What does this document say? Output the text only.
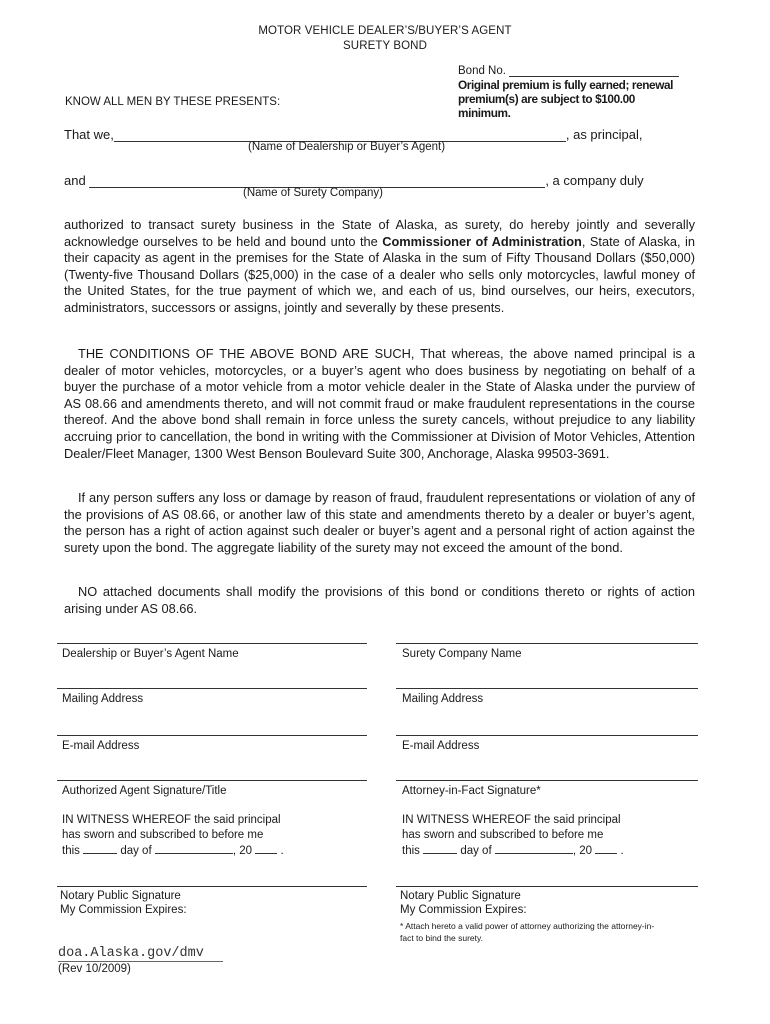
MOTOR VEHICLE DEALER’S/BUYER’S AGENT
SURETY BOND
Bond No.
Original premium is fully earned; renewal
premium(s) are subject to $100.00 minimum.
KNOW ALL MEN BY THESE PRESENTS:
That we,	, as principal,
(Name of Dealership or Buyer’s Agent)
and	, a company duly
(Name of Surety Company)
authorized to transact surety business in the State of Alaska, as surety, do hereby jointly and severally acknowledge ourselves to be held and bound unto the Commissioner of Administration, State of Alaska, in their capacity as agent in the premises for the State of Alaska in the sum of Fifty Thousand Dollars ($50,000) (Twenty-five Thousand Dollars ($25,000) in the case of a dealer who sells only motorcycles, lawful money of the United States, for the true payment of which we, and each of us, bind ourselves, our heirs, executors, administrators, successors or assigns, jointly and severally by these presents.
THE CONDITIONS OF THE ABOVE BOND ARE SUCH, That whereas, the above named principal is a dealer of motor vehicles, motorcycles, or a buyer’s agent who does business by negotiating on behalf of a buyer the purchase of a motor vehicle from a motor vehicle dealer in the State of Alaska under the purview of AS 08.66 and amendments thereto, and will not commit fraud or make fraudulent representations in the course thereof. And the above bond shall remain in force unless the surety cancels, without prejudice to any liability accruing prior to cancellation, the bond in writing with the Commissioner at Division of Motor Vehicles, Attention Dealer/Fleet Manager, 1300 West Benson Boulevard Suite 300, Anchorage, Alaska 99503-3691.
If any person suffers any loss or damage by reason of fraud, fraudulent representations or violation of any of the provisions of AS 08.66, or another law of this state and amendments thereto by a dealer or buyer’s agent, the person has a right of action against such dealer or buyer’s agent and a personal right of action against the surety upon the bond. The aggregate liability of the surety may not exceed the amount of the bond.
NO attached documents shall modify the provisions of this bond or conditions thereto or rights of action arising under AS 08.66.
Dealership or Buyer’s Agent Name
Mailing Address
E-mail Address
Authorized Agent Signature/Title
IN WITNESS WHEREOF the said principal
has sworn and subscribed to before me
this	day of	, 20 .
Notary Public Signature
My Commission Expires:
Surety Company Name
Mailing Address
E-mail Address
Attorney-in-Fact Signature*
IN WITNESS WHEREOF the said principal
has sworn and subscribed to before me
this	day of	, 20 .
Notary Public Signature
My Commission Expires:
* Attach hereto a valid power of attorney authorizing the attorney-in-
fact to bind the surety.
doa.Alaska.gov/dmv
(Rev 10/2009)
